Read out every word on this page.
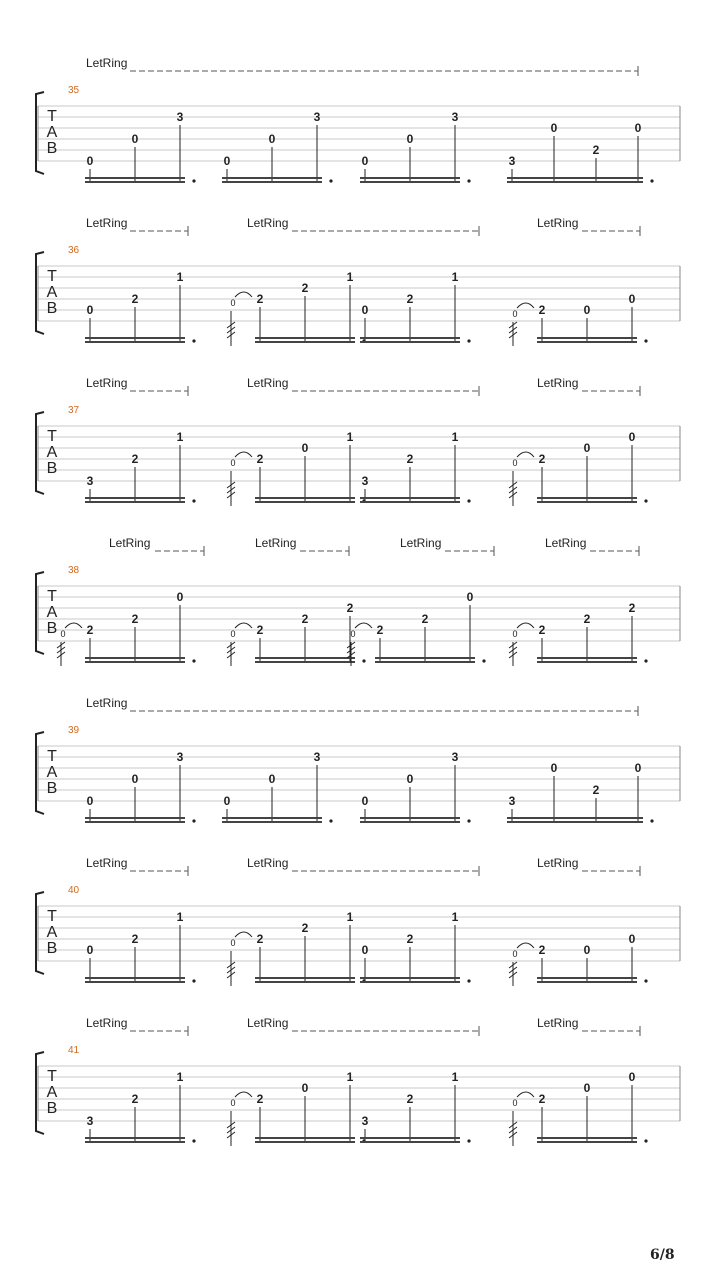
LetRing
35
T
A
B
0
0
3
0
0
3
0
0
3
3
0
2
0
LetRing	LetRing	LetRing
36
T
A
B 0
2
1
0 2
2
1
0
2
1
0 2	0
0
LetRing	LetRing	LetRing
37
T
A
B
3
2
1
0 2
0
1
3
2
1
0 2
0
0
LetRing	LetRing	LetRing	LetRing
38
T
A
B 0 2
2
0
0 2
2
2
0 2
2
0
0 2
2
2
LetRing
39
T
A
B
0
0
3
0
0
3
0
0
3
3
0
2
0
LetRing	LetRing	LetRing
40
T
A
B 0
2
1
0 2
2
1
0
2
1
0 2	0
0
LetRing	LetRing	LetRing
41
T
A
B
3
2
1
0 2
0
1
3
2
1
0 2
0
0
6/8
